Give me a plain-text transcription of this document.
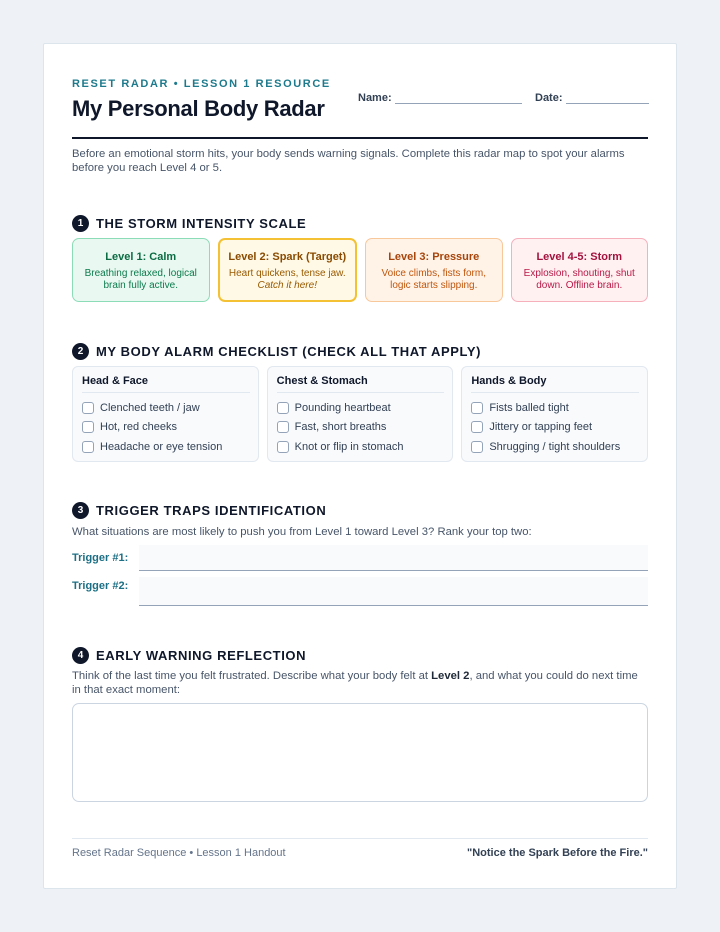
RESET RADAR • LESSON 1 RESOURCE
My Personal Body Radar	Name:	Date:
Before an emotional storm hits, your body sends warning signals. Complete this radar map to spot your alarms before you reach Level 4 or 5.
1 THE STORM INTENSITY SCALE
Level 1: Calm
Breathing relaxed, logical brain fully active.
Level 2: Spark (Target)
Heart quickens, tense jaw.
Catch it here!
Level 3: Pressure
Voice climbs, fists form, logic starts slipping.
Level 4-5: Storm
Explosion, shouting, shut down. Offline brain.
2 MY BODY ALARM CHECKLIST (CHECK ALL THAT APPLY)
Head & Face
Clenched teeth / jaw
Hot, red cheeks
Headache or eye tension
Chest & Stomach
Pounding heartbeat
Fast, short breaths
Knot or flip in stomach
Hands & Body
Fists balled tight
Jittery or tapping feet
Shrugging / tight shoulders
3 TRIGGER TRAPS IDENTIFICATION
What situations are most likely to push you from Level 1 toward Level 3? Rank your top two:
Trigger #1:
Trigger #2:
4 EARLY WARNING REFLECTION
Think of the last time you felt frustrated. Describe what your body felt at Level 2, and what you could do next time in that exact moment:
Reset Radar Sequence • Lesson 1 Handout	"Notice the Spark Before the Fire."
